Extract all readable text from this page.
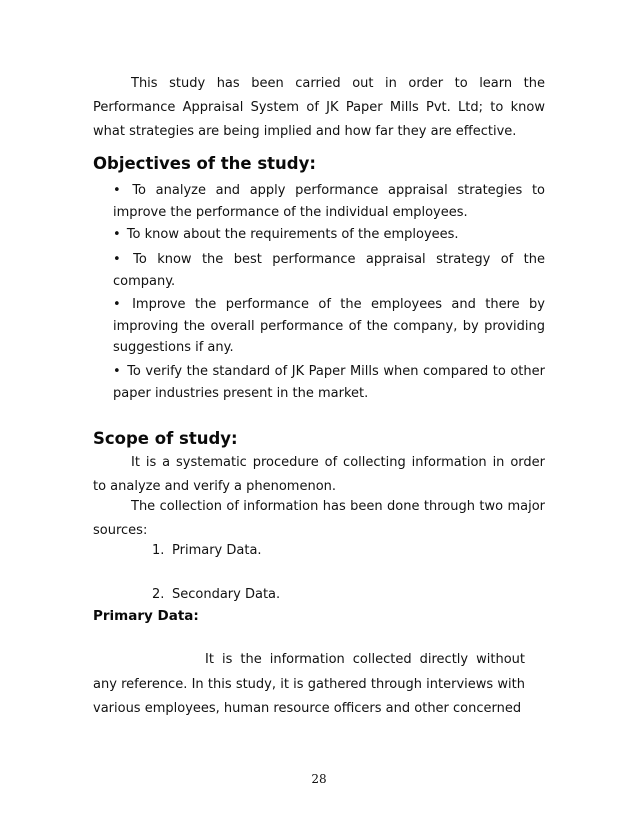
This study has been carried out in order to learn the Performance Appraisal System of JK Paper Mills Pvt. Ltd; to know what strategies are being implied and how far they are effective.

Objectives of the study:
• To analyze and apply performance appraisal strategies to improve the performance of the individual employees.
• To know about the requirements of the employees.
• To know the best performance appraisal strategy of the company.
• Improve the performance of the employees and there by improving the overall performance of the company, by providing suggestions if any.
• To verify the standard of JK Paper Mills when compared to other paper industries present in the market.
Scope of study:

It is a systematic procedure of collecting information in order to analyze and verify a phenomenon.

The collection of information has been done through two major sources:

1. Primary Data.

2. Secondary Data.

Primary Data:

It is the information collected directly without any reference. In this study, it is gathered through interviews with various employees, human resource officers and other concerned

28
